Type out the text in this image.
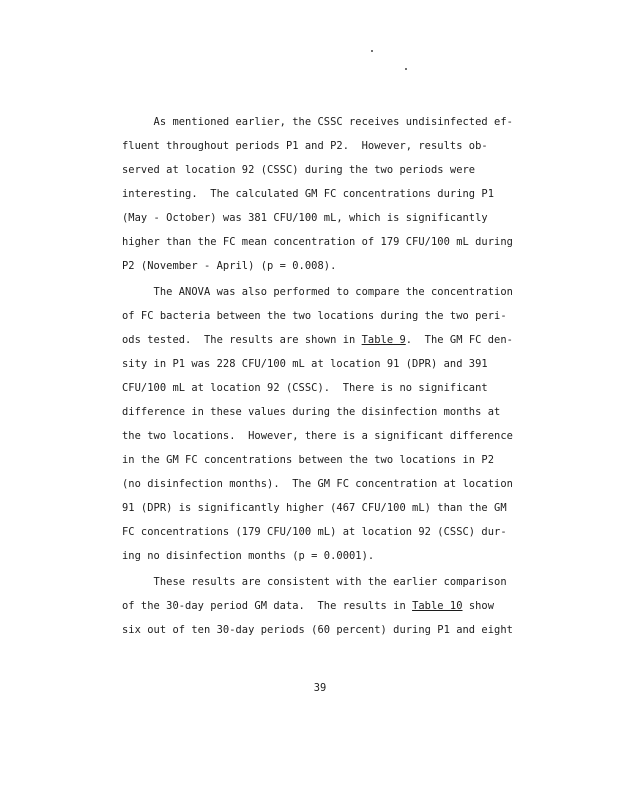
As mentioned earlier, the CSSC receives undisinfected ef-
fluent throughout periods P1 and P2.  However, results ob-
served at location 92 (CSSC) during the two periods were
interesting.  The calculated GM FC concentrations during P1
(May - October) was 381 CFU/100 mL, which is significantly
higher than the FC mean concentration of 179 CFU/100 mL during
P2 (November - April) (p = 0.008).
The ANOVA was also performed to compare the concentration
of FC bacteria between the two locations during the two peri-
ods tested.  The results are shown in Table 9.  The GM FC den-
sity in P1 was 228 CFU/100 mL at location 91 (DPR) and 391
CFU/100 mL at location 92 (CSSC).  There is no significant
difference in these values during the disinfection months at
the two locations.  However, there is a significant difference
in the GM FC concentrations between the two locations in P2
(no disinfection months).  The GM FC concentration at location
91 (DPR) is significantly higher (467 CFU/100 mL) than the GM
FC concentrations (179 CFU/100 mL) at location 92 (CSSC) dur-
ing no disinfection months (p = 0.0001).
These results are consistent with the earlier comparison
of the 30-day period GM data.  The results in Table 10 show
six out of ten 30-day periods (60 percent) during P1 and eight
39
